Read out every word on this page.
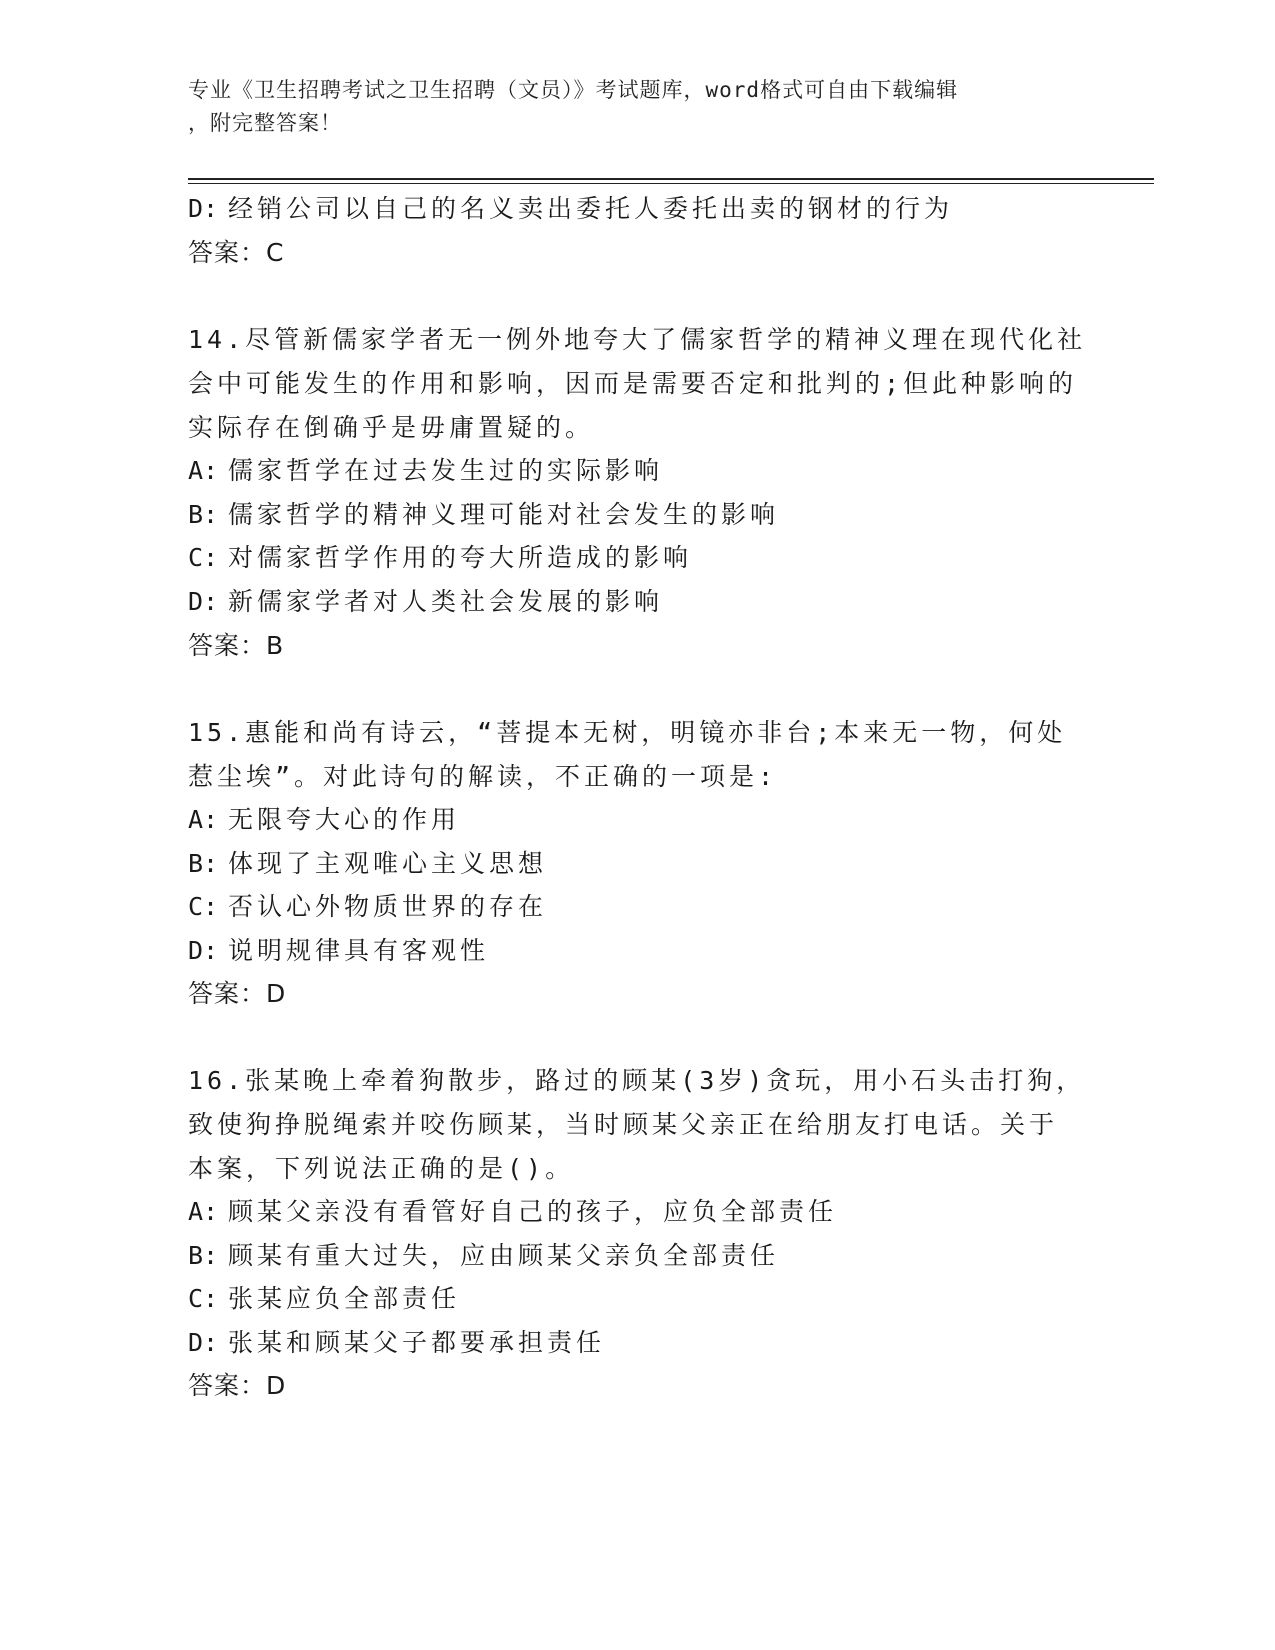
专业《卫生招聘考试之卫生招聘（文员）》考试题库，word格式可自由下载编辑
，附完整答案！
D: 经销公司以自己的名义卖出委托人委托出卖的钢材的行为
答案：C
14.尽管新儒家学者无一例外地夸大了儒家哲学的精神义理在现代化社
会中可能发生的作用和影响，因而是需要否定和批判的;但此种影响的
实际存在倒确乎是毋庸置疑的。
A: 儒家哲学在过去发生过的实际影响
B: 儒家哲学的精神义理可能对社会发生的影响
C: 对儒家哲学作用的夸大所造成的影响
D: 新儒家学者对人类社会发展的影响
答案：B
15.惠能和尚有诗云，“菩提本无树，明镜亦非台;本来无一物，何处
惹尘埃”。对此诗句的解读，不正确的一项是:
A: 无限夸大心的作用
B: 体现了主观唯心主义思想
C: 否认心外物质世界的存在
D: 说明规律具有客观性
答案：D
16.张某晚上牵着狗散步，路过的顾某(3岁)贪玩，用小石头击打狗，
致使狗挣脱绳索并咬伤顾某，当时顾某父亲正在给朋友打电话。关于
本案，下列说法正确的是()。
A: 顾某父亲没有看管好自己的孩子，应负全部责任
B: 顾某有重大过失，应由顾某父亲负全部责任
C: 张某应负全部责任
D: 张某和顾某父子都要承担责任
答案：D
